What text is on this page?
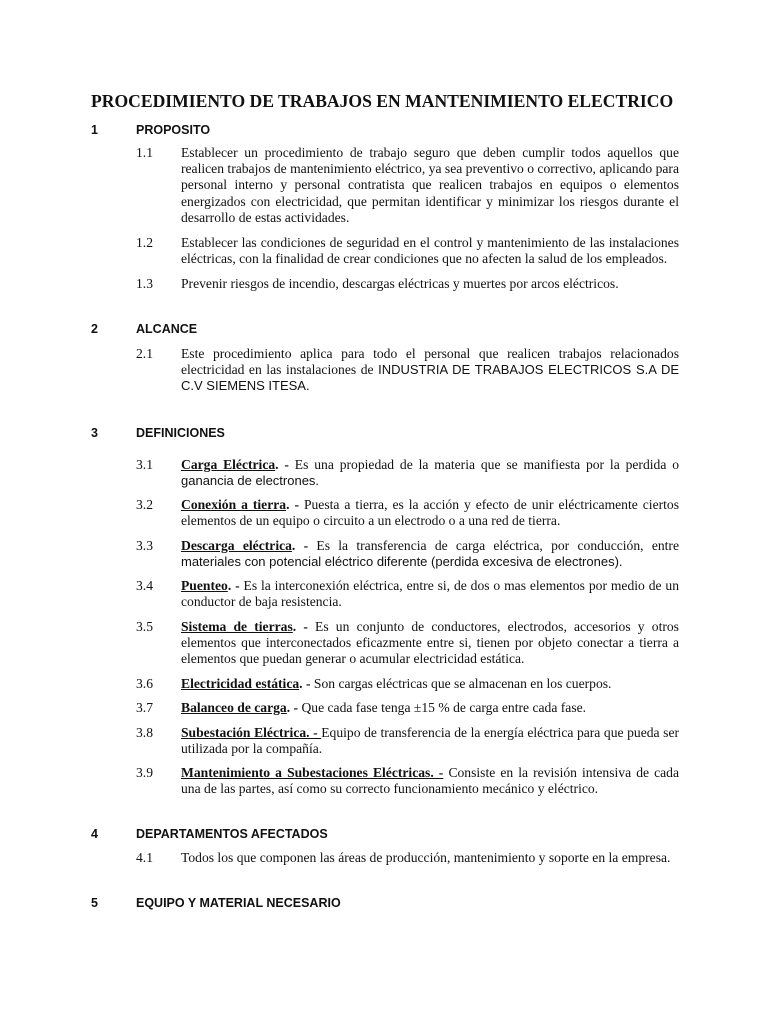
PROCEDIMIENTO DE TRABAJOS EN MANTENIMIENTO ELECTRICO
1	PROPOSITO
1.1 Establecer un procedimiento de trabajo seguro que deben cumplir todos aquellos que realicen trabajos de mantenimiento eléctrico, ya sea preventivo o correctivo, aplicando para personal interno y personal contratista que realicen trabajos en equipos o elementos energizados con electricidad, que permitan identificar y minimizar los riesgos durante el desarrollo de estas actividades.
1.2 Establecer las condiciones de seguridad en el control y mantenimiento de las instalaciones eléctricas, con la finalidad de crear condiciones que no afecten la salud de los empleados.
1.3 Prevenir riesgos de incendio, descargas eléctricas y muertes por arcos eléctricos.
2	ALCANCE
2.1 Este procedimiento aplica para todo el personal que realicen trabajos relacionados electricidad en las instalaciones de INDUSTRIA DE TRABAJOS ELECTRICOS S.A DE C.V SIEMENS ITESA.
3	DEFINICIONES
3.1 Carga Eléctrica. - Es una propiedad de la materia que se manifiesta por la perdida o ganancia de electrones.
3.2 Conexión a tierra. - Puesta a tierra, es la acción y efecto de unir eléctricamente ciertos elementos de un equipo o circuito a un electrodo o a una red de tierra.
3.3 Descarga eléctrica. - Es la transferencia de carga eléctrica, por conducción, entre materiales con potencial eléctrico diferente (perdida excesiva de electrones).
3.4 Puenteo. - Es la interconexión eléctrica, entre si, de dos o mas elementos por medio de un conductor de baja resistencia.
3.5 Sistema de tierras. - Es un conjunto de conductores, electrodos, accesorios y otros elementos que interconectados eficazmente entre si, tienen por objeto conectar a tierra a elementos que puedan generar o acumular electricidad estática.
3.6 Electricidad estática. - Son cargas eléctricas que se almacenan en los cuerpos.
3.7 Balanceo de carga. - Que cada fase tenga ±15 % de carga entre cada fase.
3.8 Subestación Eléctrica. - Equipo de transferencia de la energía eléctrica para que pueda ser utilizada por la compañía.
3.9 Mantenimiento a Subestaciones Eléctricas. - Consiste en la revisión intensiva de cada una de las partes, así como su correcto funcionamiento mecánico y eléctrico.
4	DEPARTAMENTOS AFECTADOS
4.1 Todos los que componen las áreas de producción, mantenimiento y soporte en la empresa.
5	EQUIPO Y MATERIAL NECESARIO
